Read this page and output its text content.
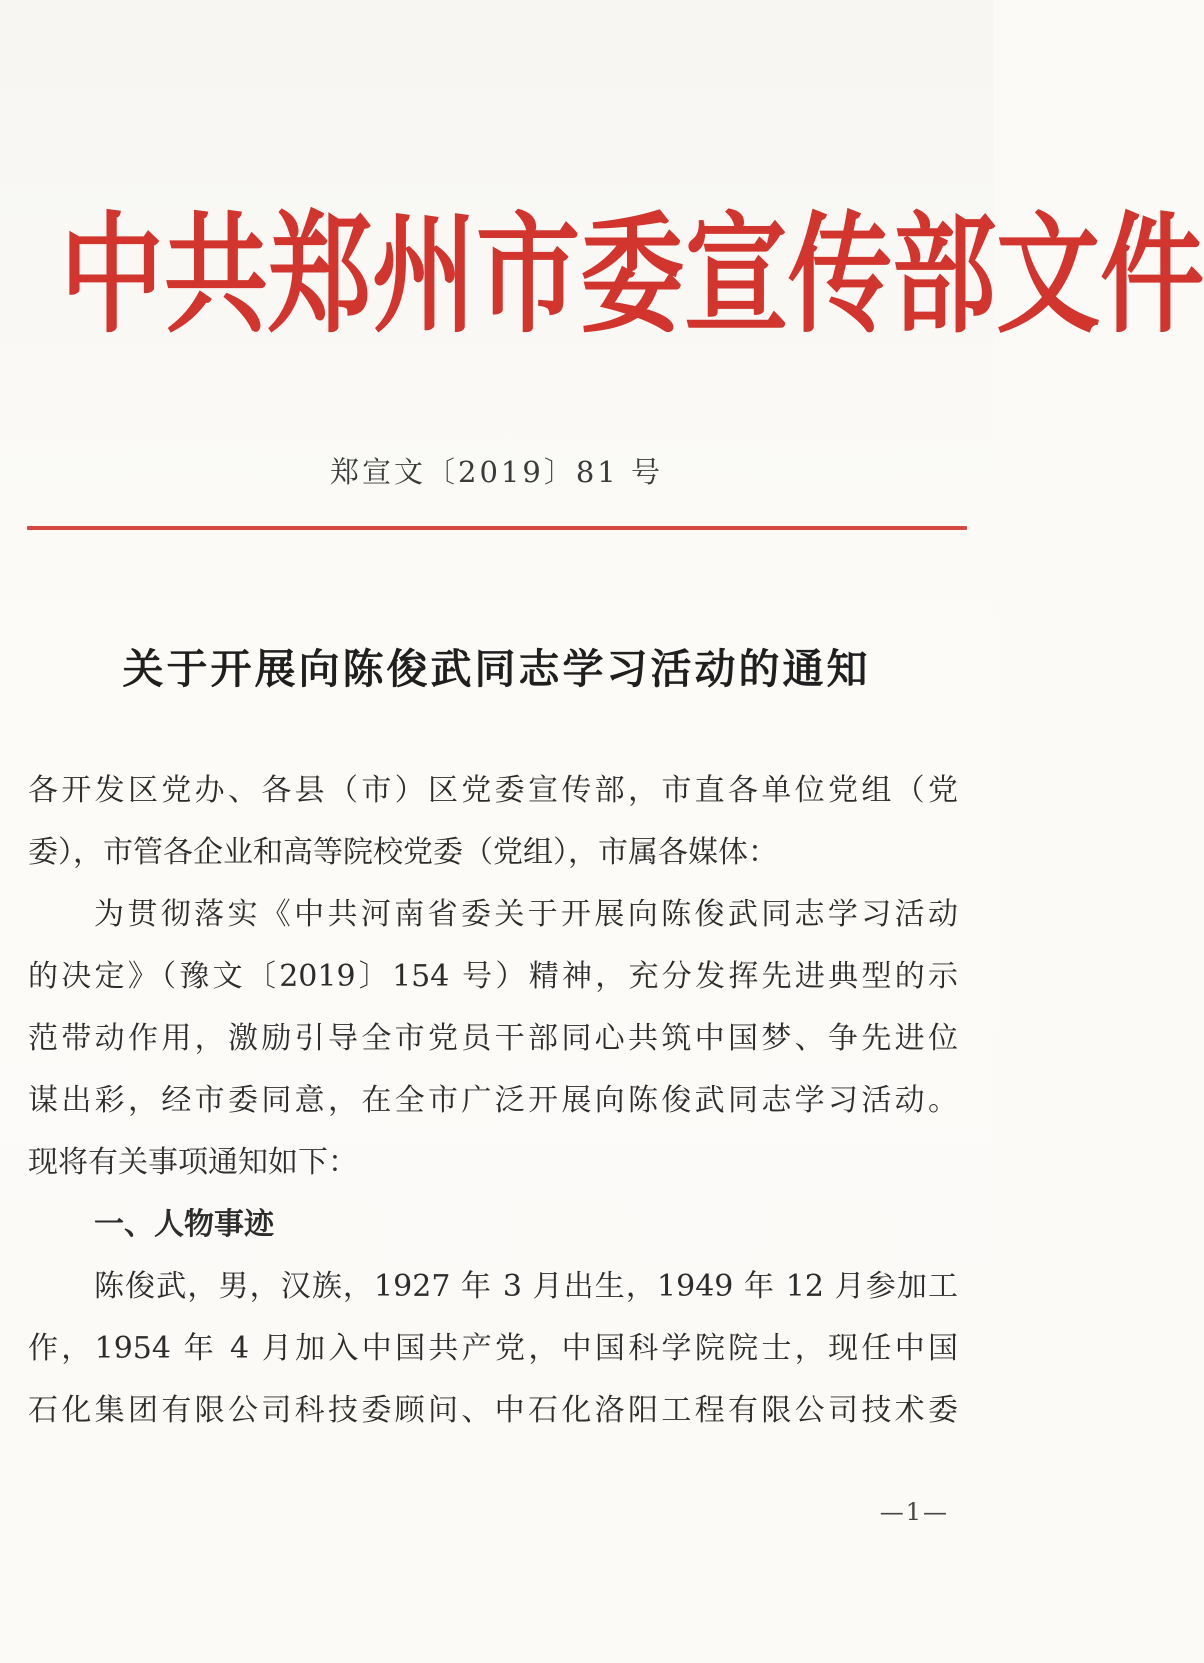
中 共 郑 州 市 委 宣 传 部 文 件
郑宣文〔2019〕81 号
关于开展向陈俊武同志学习活动的通知
各开发区党办、各县（市）区党委宣传部，市直各单位党组（党
委），市管各企业和高等院校党委（党组），市属各媒体：
为贯彻落实《中共河南省委关于开展向陈俊武同志学习活动
的决定》（豫文〔2019〕154 号）精神，充分发挥先进典型的示
范带动作用，激励引导全市党员干部同心共筑中国梦、争先进位
谋出彩，经市委同意，在全市广泛开展向陈俊武同志学习活动。
现将有关事项通知如下：
一、人物事迹
陈俊武，男，汉族，1927 年 3 月出生，1949 年 12 月参加工
作，1954 年 4 月加入中国共产党，中国科学院院士，现任中国
石化集团有限公司科技委顾问、中石化洛阳工程有限公司技术委
—1—
